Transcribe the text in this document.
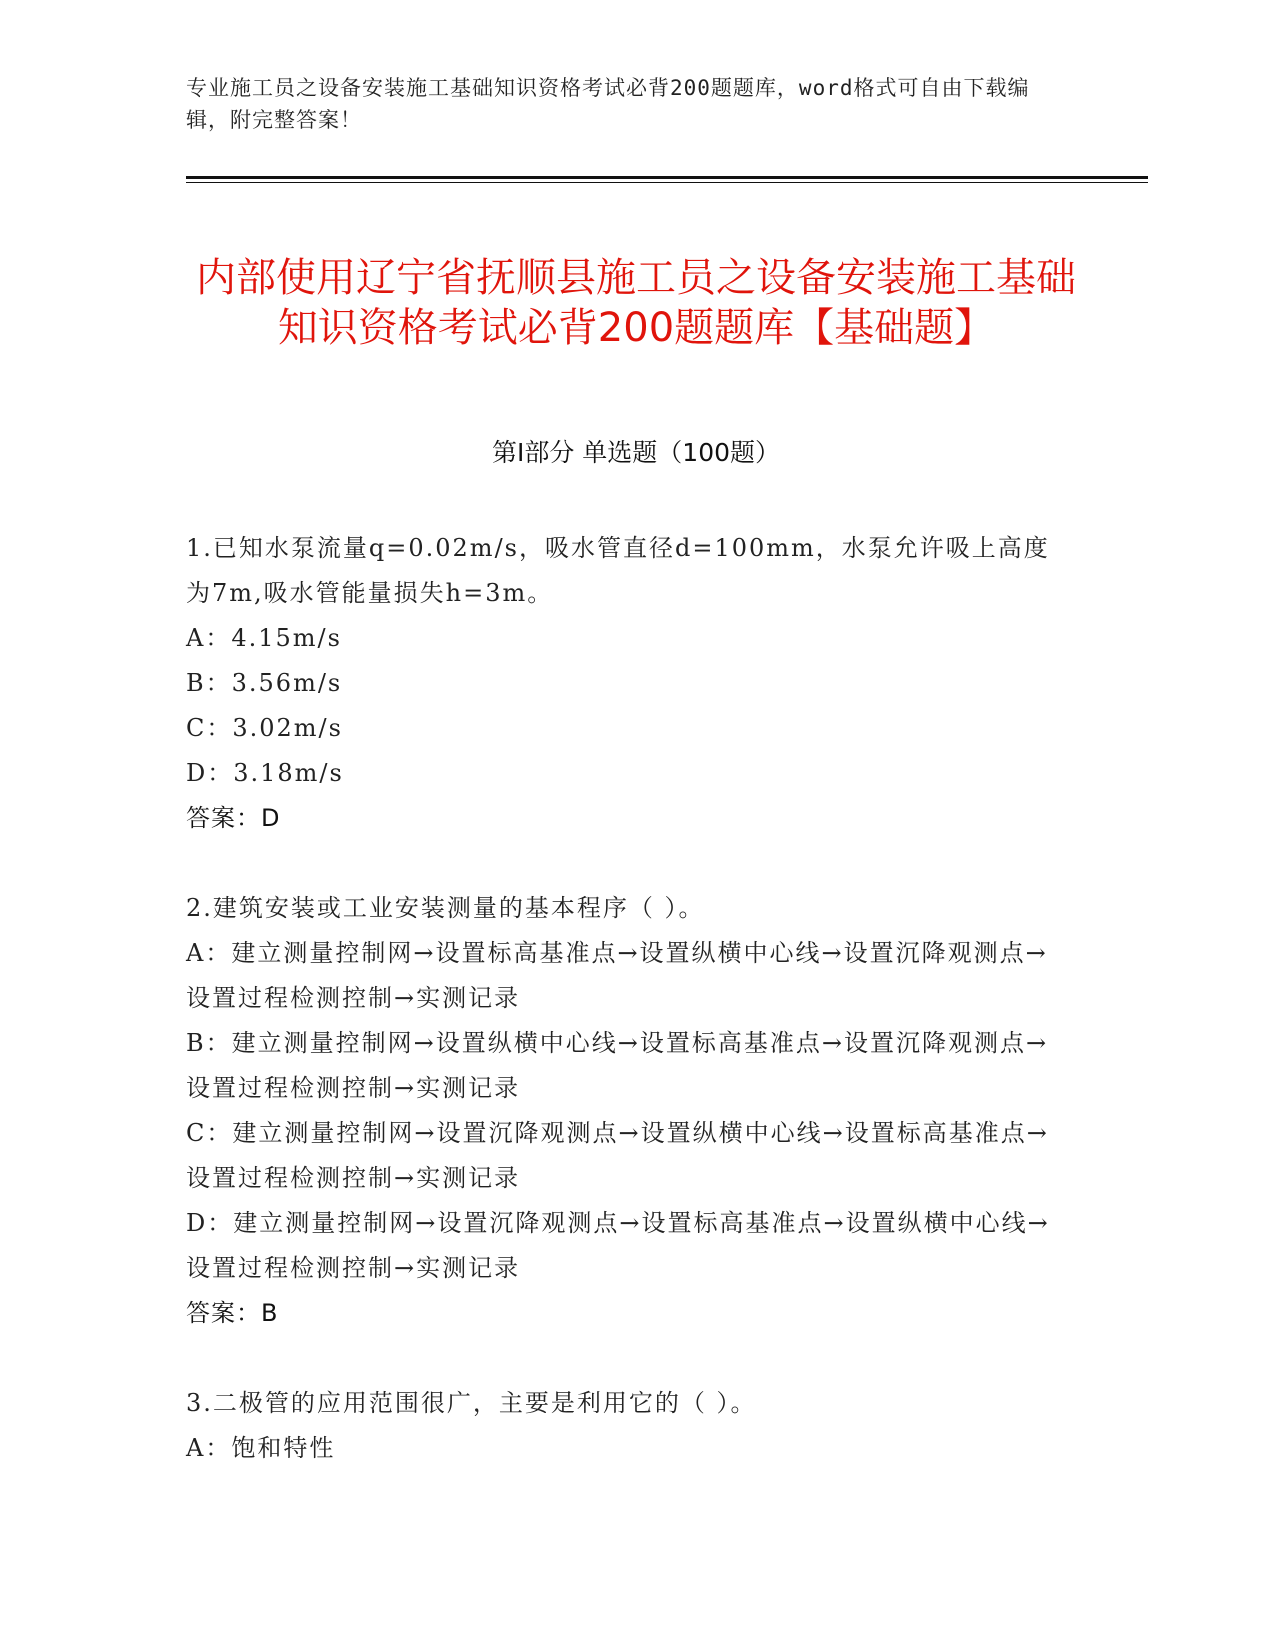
专业施工员之设备安装施工基础知识资格考试必背200题题库，word格式可自由下载编辑，附完整答案！
内部使用辽宁省抚顺县施工员之设备安装施工基础知识资格考试必背200题题库【基础题】
第I部分 单选题（100题）

1.已知水泵流量q=0.02m/s，吸水管直径d=100mm，水泵允许吸上高度为7m,吸水管能量损失h=3m。

A：4.15m/s

B：3.56m/s

C：3.02m/s

D：3.18m/s

答案：D

2.建筑安装或工业安装测量的基本程序（ ）。

A：建立测量控制网→设置标高基准点→设置纵横中心线→设置沉降观测点→设置过程检测控制→实测记录

B：建立测量控制网→设置纵横中心线→设置标高基准点→设置沉降观测点→设置过程检测控制→实测记录

C：建立测量控制网→设置沉降观测点→设置纵横中心线→设置标高基准点→设置过程检测控制→实测记录

D：建立测量控制网→设置沉降观测点→设置标高基准点→设置纵横中心线→设置过程检测控制→实测记录

答案：B

3.二极管的应用范围很广，主要是利用它的（ ）。

A：饱和特性
